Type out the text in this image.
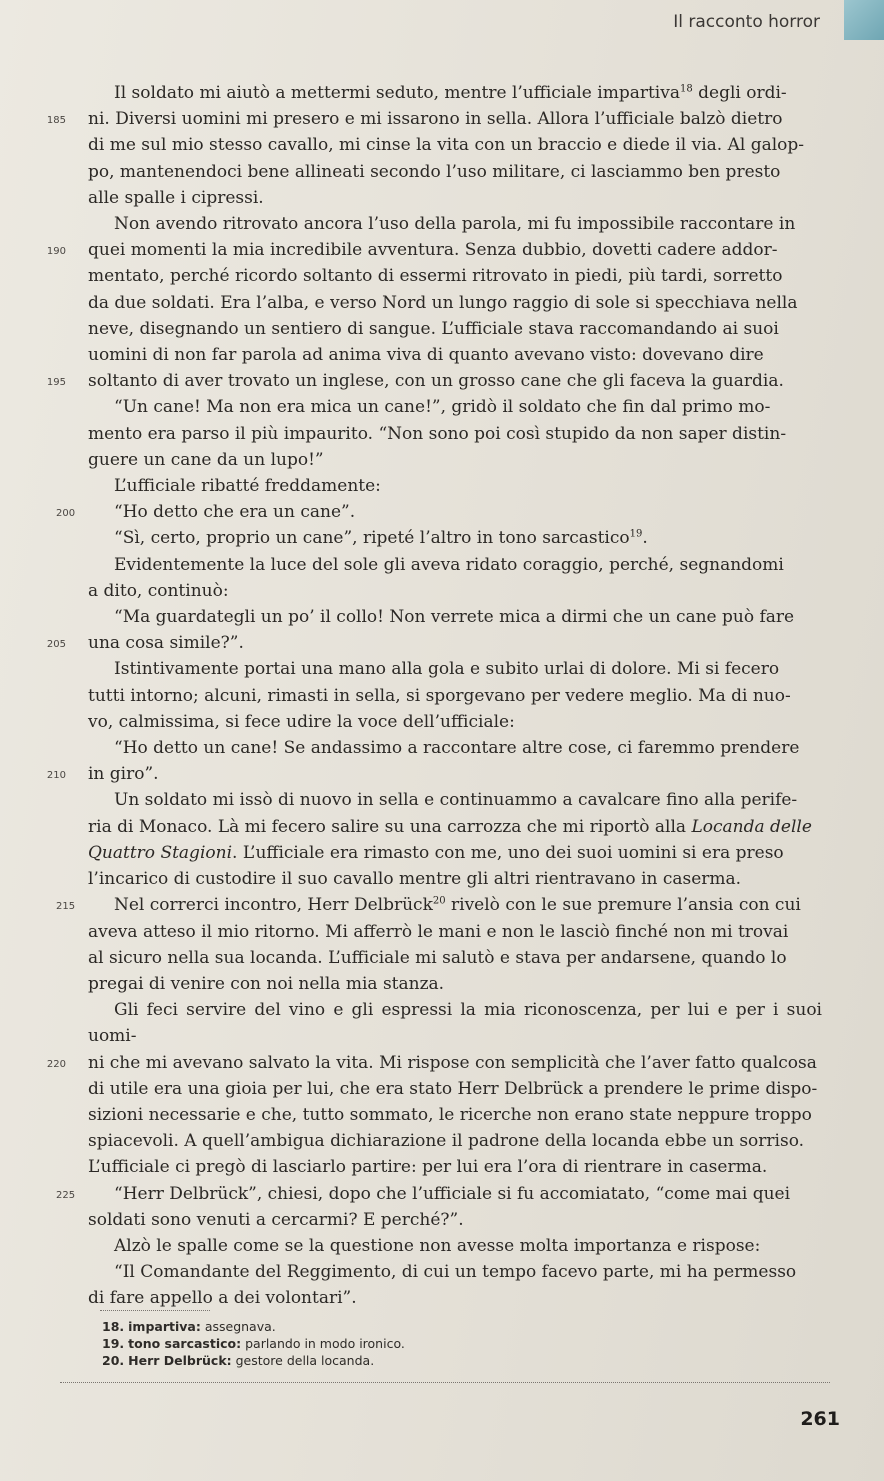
Il racconto horror

Il soldato mi aiutò a mettermi seduto, mentre l’ufficiale impartiva$^{18}$ degli ordi-
185 ni. Diversi uomini mi presero e mi issarono in sella. Allora l’ufficiale balzò dietro
di me sul mio stesso cavallo, mi cinse la vita con un braccio e diede il via. Al galop-
po, mantenendoci bene allineati secondo l’uso militare, ci lasciammo ben presto
alle spalle i cipressi.

Non avendo ritrovato ancora l’uso della parola, mi fu impossibile raccontare in
190 quei momenti la mia incredibile avventura. Senza dubbio, dovetti cadere addor-
mentato, perché ricordo soltanto di essermi ritrovato in piedi, più tardi, sorretto
da due soldati. Era l’alba, e verso Nord un lungo raggio di sole si specchiava nella
neve, disegnando un sentiero di sangue. L’ufficiale stava raccomandando ai suoi
uomini di non far parola ad anima viva di quanto avevano visto: dovevano dire
195 soltanto di aver trovato un inglese, con un grosso cane che gli faceva la guardia.

“Un cane! Ma non era mica un cane!”, gridò il soldato che fin dal primo mo-
mento era parso il più impaurito. “Non sono poi così stupido da non saper distin-
guere un cane da un lupo!”

L’ufficiale ribatté freddamente:

200 “Ho detto che era un cane”.

“Sì, certo, proprio un cane”, ripeté l’altro in tono sarcastico$^{19}$.

Evidentemente la luce del sole gli aveva ridato coraggio, perché, segnandomi
a dito, continuò:

“Ma guardategli un po’ il collo! Non verrete mica a dirmi che un cane può fare
205 una cosa simile?”.

Istintivamente portai una mano alla gola e subito urlai di dolore. Mi si fecero
tutti intorno; alcuni, rimasti in sella, si sporgevano per vedere meglio. Ma di nuo-
vo, calmissima, si fece udire la voce dell’ufficiale:

“Ho detto un cane! Se andassimo a raccontare altre cose, ci faremmo prendere
210 in giro”.

Un soldato mi issò di nuovo in sella e continuammo a cavalcare fino alla perife-
ria di Monaco. Là mi fecero salire su una carrozza che mi riportò alla Locanda delle
Quattro Stagioni. L’ufficiale era rimasto con me, uno dei suoi uomini si era preso
l’incarico di custodire il suo cavallo mentre gli altri rientravano in caserma.

215 Nel correrci incontro, Herr Delbrück$^{20}$ rivelò con le sue premure l’ansia con cui
aveva atteso il mio ritorno. Mi afferrò le mani e non le lasciò finché non mi trovai
al sicuro nella sua locanda. L’ufficiale mi salutò e stava per andarsene, quando lo
pregai di venire con noi nella mia stanza.

Gli feci servire del vino e gli espressi la mia riconoscenza, per lui e per i suoi uomi-
220 ni che mi avevano salvato la vita. Mi rispose con semplicità che l’aver fatto qualcosa
di utile era una gioia per lui, che era stato Herr Delbrück a prendere le prime dispo-
sizioni necessarie e che, tutto sommato, le ricerche non erano state neppure troppo
spiacevoli. A quell’ambigua dichiarazione il padrone della locanda ebbe un sorriso.
L’ufficiale ci pregò di lasciarlo partire: per lui era l’ora di rientrare in caserma.

225 “Herr Delbrück”, chiesi, dopo che l’ufficiale si fu accomiatato, “come mai quei
soldati sono venuti a cercarmi? E perché?”.

Alzò le spalle come se la questione non avesse molta importanza e rispose:

“Il Comandante del Reggimento, di cui un tempo facevo parte, mi ha permesso
di fare appello a dei volontari”.

18. impartiva: assegnava.
19. tono sarcastico: parlando in modo ironico.
20. Herr Delbrück: gestore della locanda.
261
